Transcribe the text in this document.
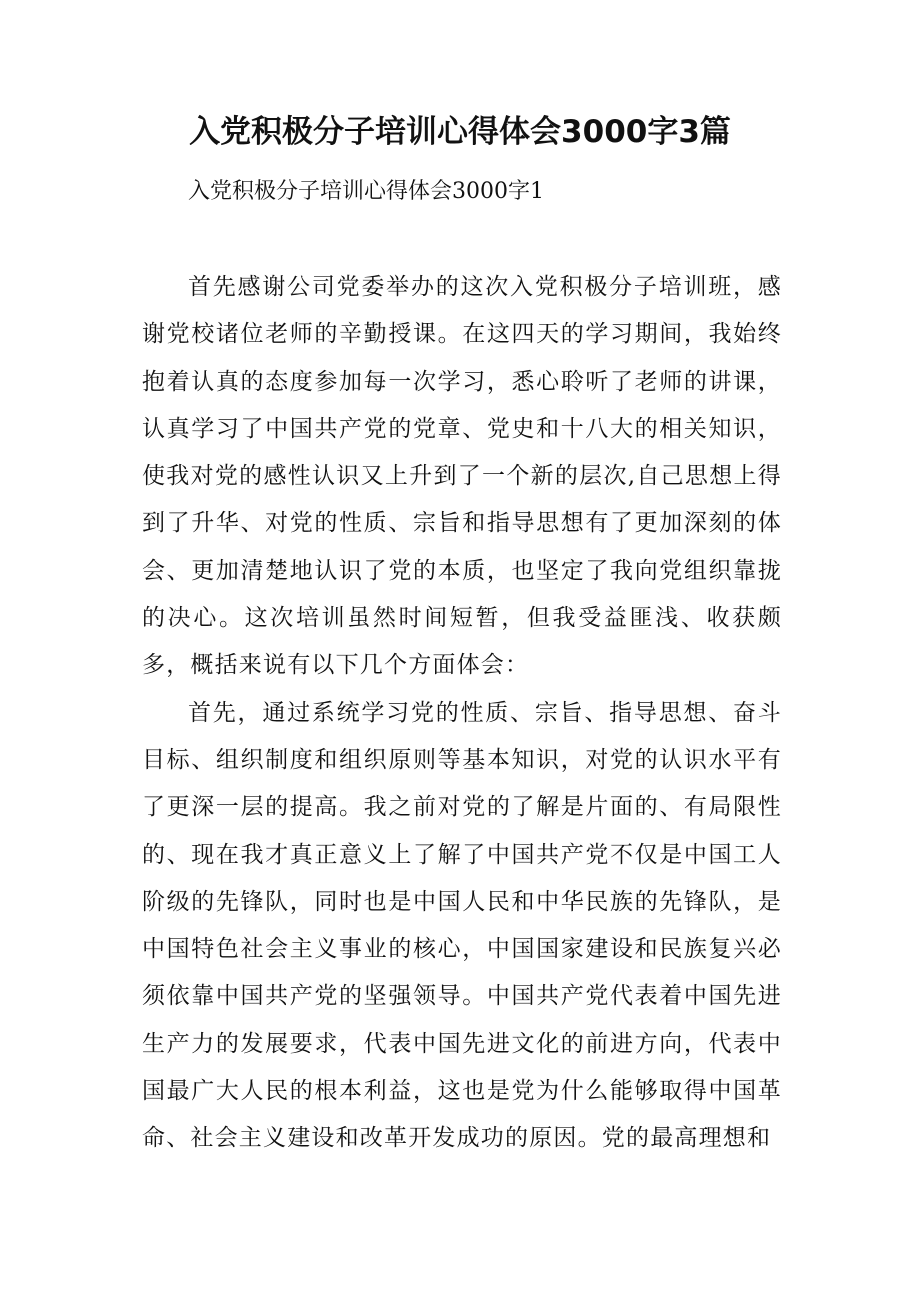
入党积极分子培训心得体会3000字3篇

入党积极分子培训心得体会3000字1

首先感谢公司党委举办的这次入党积极分子培训班，感谢党校诸位老师的辛勤授课。在这四天的学习期间，我始终抱着认真的态度参加每一次学习，悉心聆听了老师的讲课，认真学习了中国共产党的党章、党史和十八大的相关知识，使我对党的感性认识又上升到了一个新的层次,自己思想上得到了升华、对党的性质、宗旨和指导思想有了更加深刻的体会、更加清楚地认识了党的本质，也坚定了我向党组织靠拢的决心。这次培训虽然时间短暂，但我受益匪浅、收获颇多，概括来说有以下几个方面体会：

首先，通过系统学习党的性质、宗旨、指导思想、奋斗目标、组织制度和组织原则等基本知识，对党的认识水平有了更深一层的提高。我之前对党的了解是片面的、有局限性的、现在我才真正意义上了解了中国共产党不仅是中国工人阶级的先锋队，同时也是中国人民和中华民族的先锋队，是中国特色社会主义事业的核心，中国国家建设和民族复兴必须依靠中国共产党的坚强领导。中国共产党代表着中国先进生产力的发展要求，代表中国先进文化的前进方向，代表中国最广大人民的根本利益，这也是党为什么能够取得中国革命、社会主义建设和改革开发成功的原因。党的最高理想和
